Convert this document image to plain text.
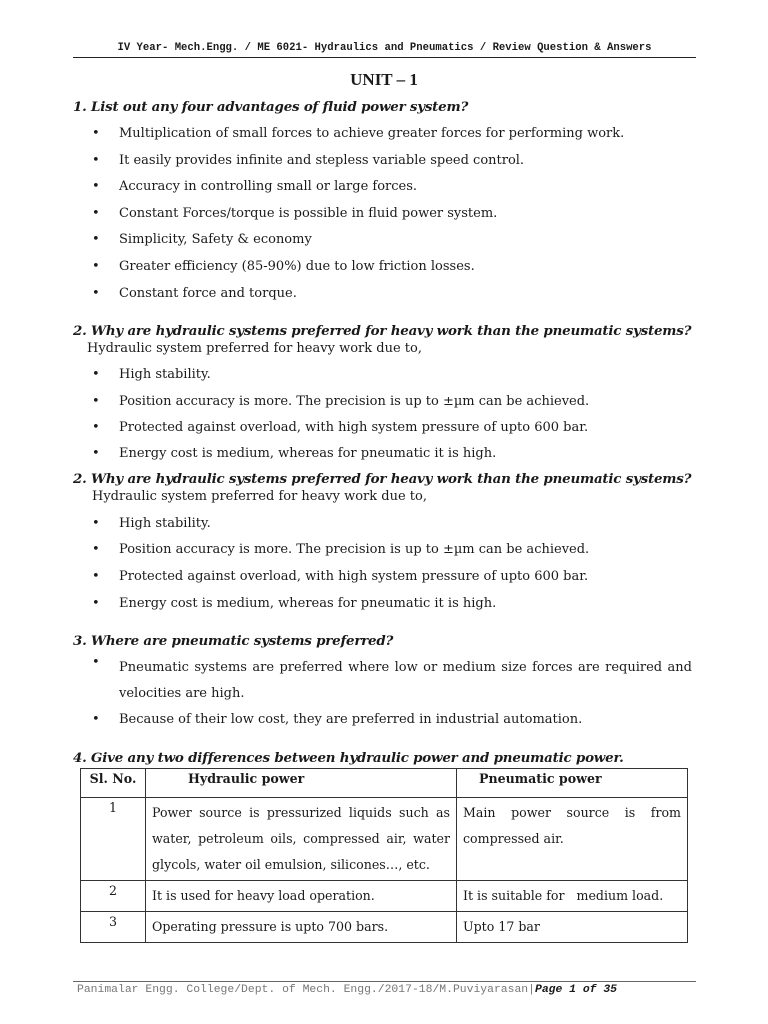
IV Year- Mech.Engg. / ME 6021- Hydraulics and Pneumatics / Review Question & Answers
UNIT – 1
1. List out any four advantages of fluid power system?
• Multiplication of small forces to achieve greater forces for performing work.
• It easily provides infinite and stepless variable speed control.
• Accuracy in controlling small or large forces.
• Constant Forces/torque is possible in fluid power system.
• Simplicity, Safety & economy
• Greater efficiency (85-90%) due to low friction losses.
• Constant force and torque.
2. Why are hydraulic systems preferred for heavy work than the pneumatic systems?
Hydraulic system preferred for heavy work due to,
• High stability.
• Position accuracy is more. The precision is up to ±µm can be achieved.
• Protected against overload, with high system pressure of upto 600 bar.
• Energy cost is medium, whereas for pneumatic it is high.
2. Why are hydraulic systems preferred for heavy work than the pneumatic systems?
Hydraulic system preferred for heavy work due to,
• High stability.
• Position accuracy is more. The precision is up to ±µm can be achieved.
• Protected against overload, with high system pressure of upto 600 bar.
• Energy cost is medium, whereas for pneumatic it is high.
3. Where are pneumatic systems preferred?
• Pneumatic systems are preferred where low or medium size forces are required and velocities are high.
• Because of their low cost, they are preferred in industrial automation.
4. Give any two differences between hydraulic power and pneumatic power.
Sl. No.	Hydraulic power	Pneumatic power
1	Power source is pressurized liquids such as water, petroleum oils, compressed air, water glycols, water oil emulsion, silicones…, etc.	Main power source is from compressed air.
2	It is used for heavy load operation.	It is suitable for   medium load.
3	Operating pressure is upto 700 bars.	Upto 17 bar
Panimalar Engg. College/Dept. of Mech. Engg./2017-18/M.Puviyarasan|Page 1 of 35
